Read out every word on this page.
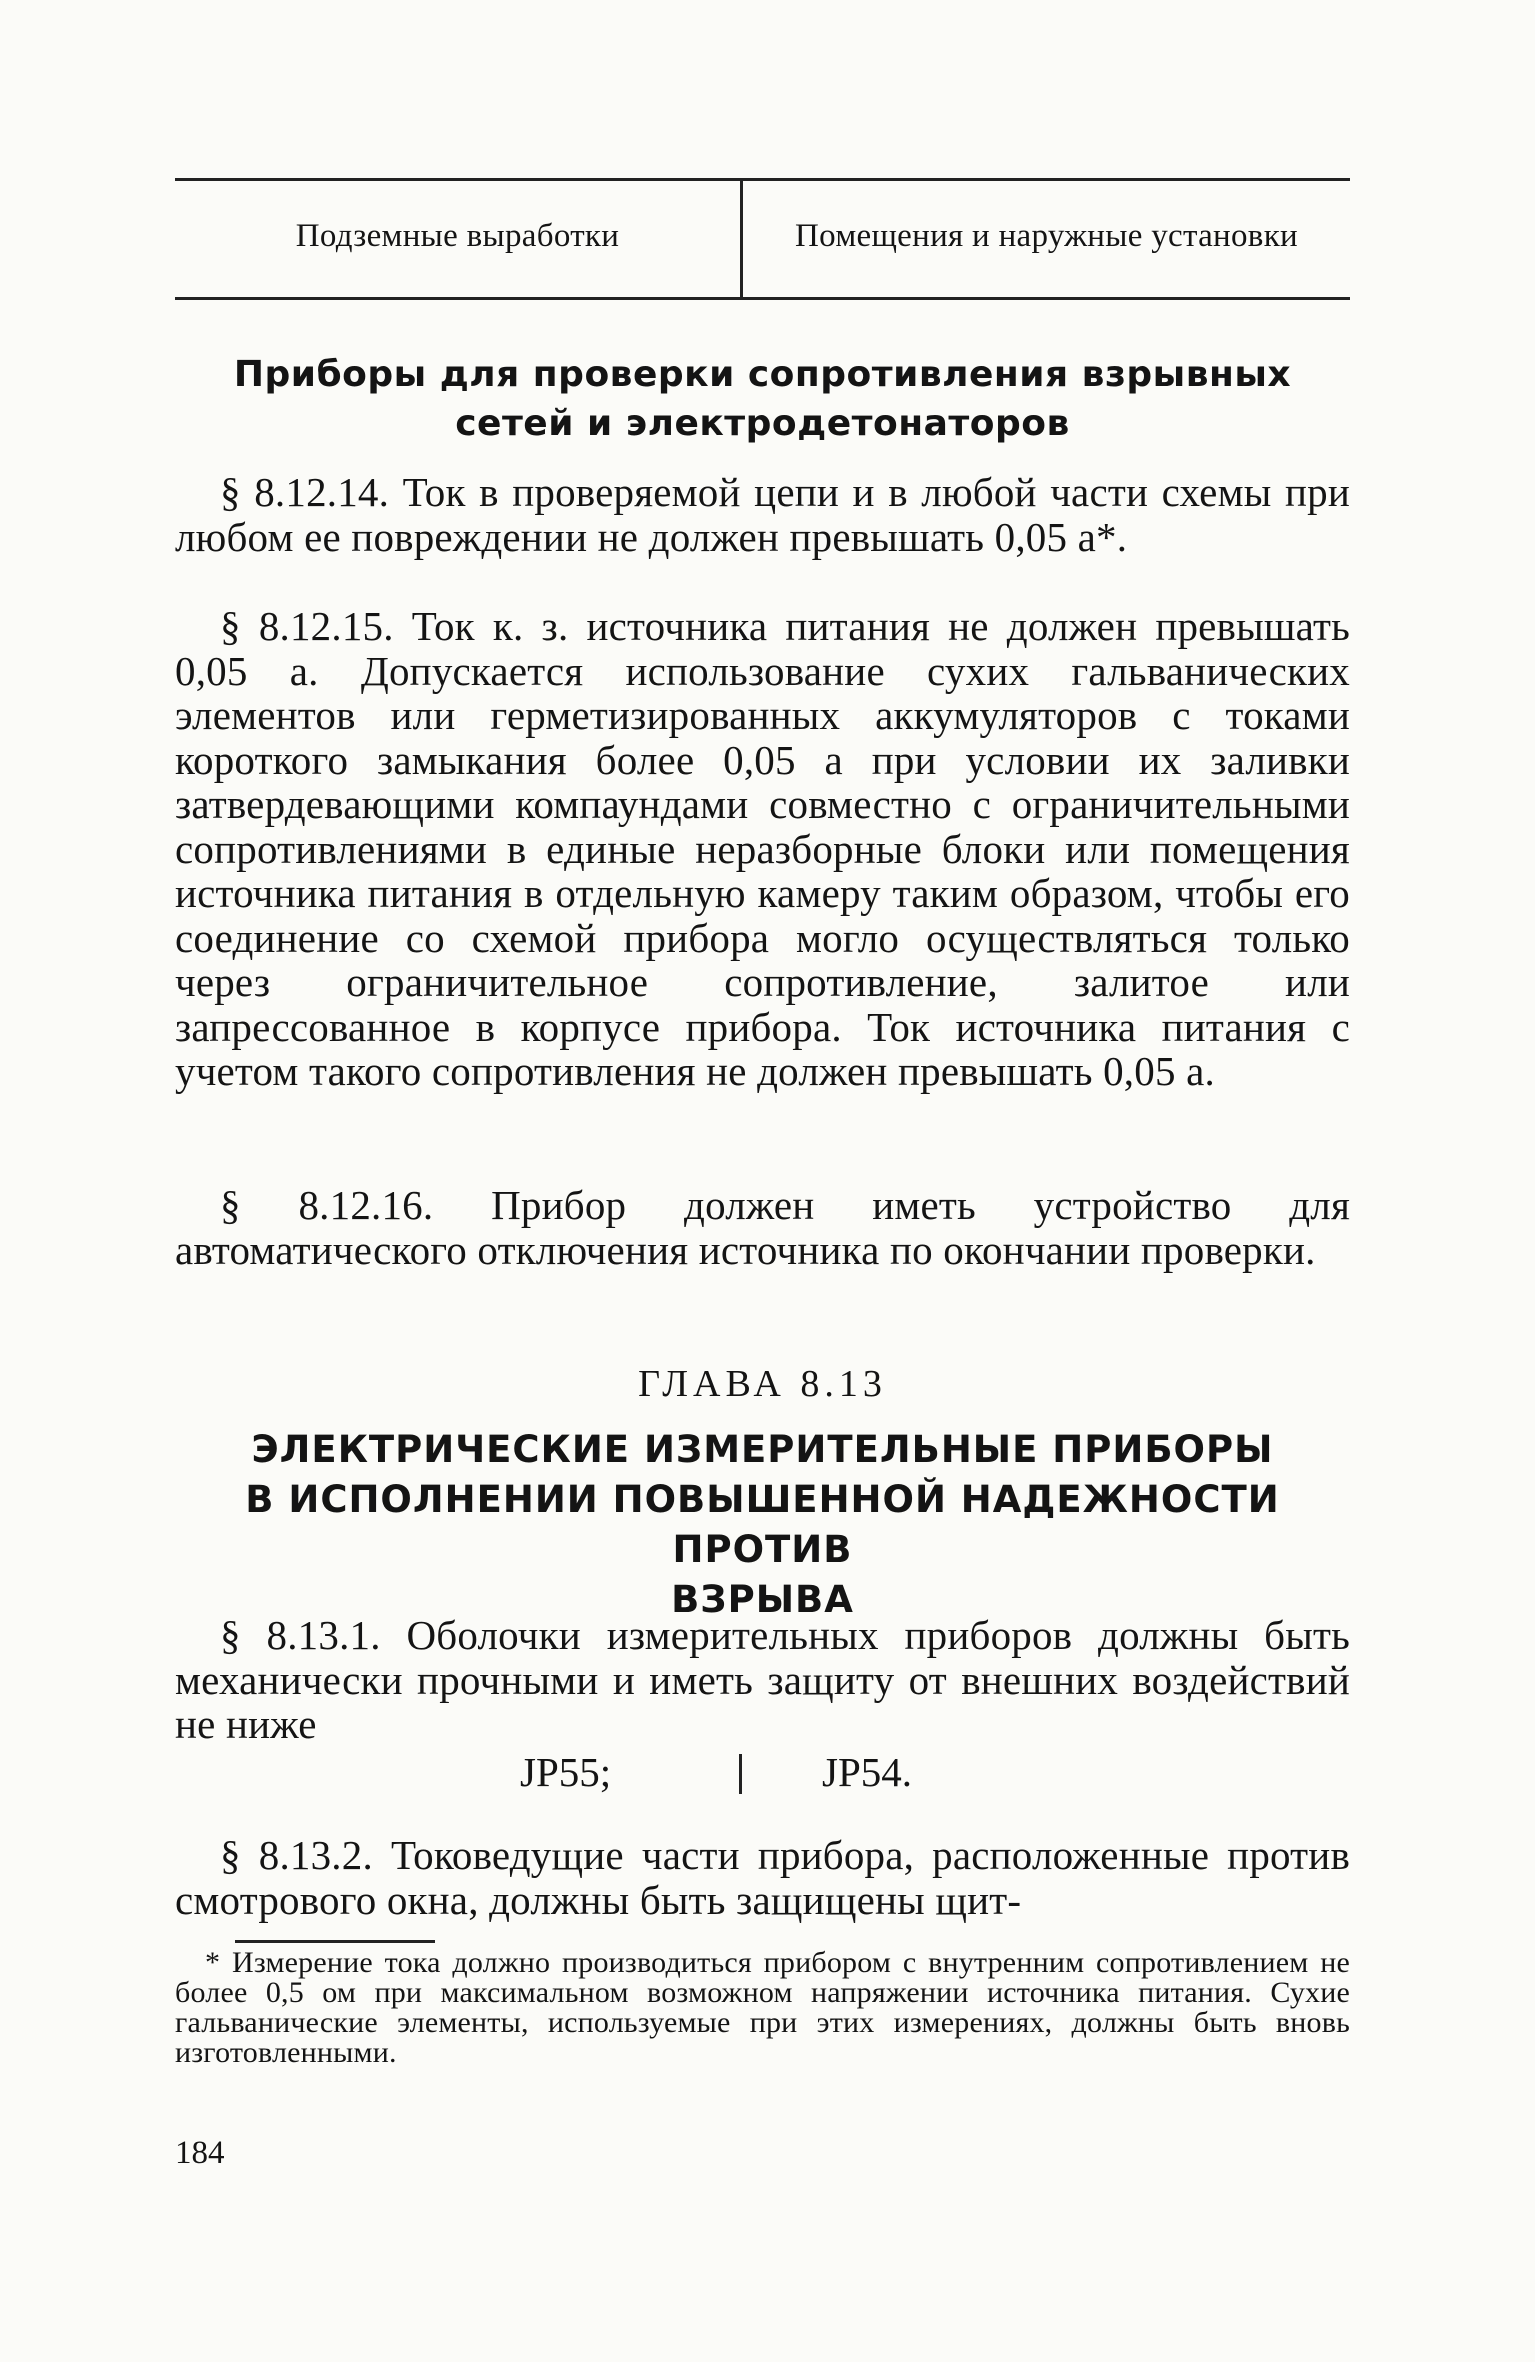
Подземные выработки	Помещения и наружные установки
Приборы для проверки сопротивления взрывных
сетей и электродетонаторов

§ 8.12.14. Ток в проверяемой цепи и в любой части схемы при любом ее повреждении не должен превышать 0,05 а*.

§ 8.12.15. Ток к. з. источника питания не должен превышать 0,05 а. Допускается использование сухих гальванических элементов или герметизированных аккумуляторов с токами короткого замыкания более 0,05 а при условии их заливки затвердевающими компаундами совместно с ограничительными сопротивлениями в единые неразборные блоки или помещения источника питания в отдельную камеру таким образом, чтобы его соединение со схемой прибора могло осуществляться только через ограничительное сопротивление, залитое или запрессованное в корпусе прибора. Ток источника питания с учетом такого сопротивления не должен превышать 0,05 а.

§ 8.12.16. Прибор должен иметь устройство для автоматического отключения источника по окончании проверки.

ГЛАВА 8.13
ЭЛЕКТРИЧЕСКИЕ ИЗМЕРИТЕЛЬНЫЕ ПРИБОРЫ
В ИСПОЛНЕНИИ ПОВЫШЕННОЙ НАДЕЖНОСТИ ПРОТИВ
ВЗРЫВА

§ 8.13.1. Оболочки измерительных приборов должны быть механически прочными и иметь защиту от внешних воздействий не ниже

JP55;	JP54.

§ 8.13.2. Токоведущие части прибора, расположенные против смотрового окна, должны быть защищены щит-

* Измерение тока должно производиться прибором с внутренним сопротивлением не более 0,5 ом при максимальном возможном напряжении источника питания. Сухие гальванические элементы, используемые при этих измерениях, должны быть вновь изготовленными.

184
